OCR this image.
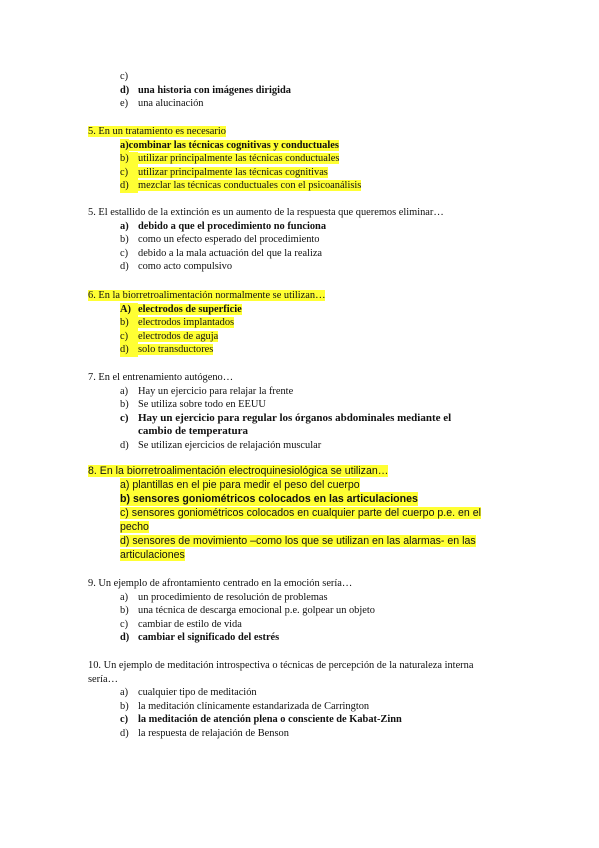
c)
d) una historia con imágenes dirigida
e) una alucinación
5. En un tratamiento es necesario
a) combinar las técnicas cognitivas y conductuales
b) utilizar principalmente las técnicas conductuales
c) utilizar principalmente las técnicas cognitivas
d) mezclar las técnicas conductuales con el psicoanálisis
5. El estallido de la extinción es un aumento de la respuesta que queremos eliminar…
a) debido a que el procedimiento no funciona
b) como un efecto esperado del procedimiento
c) debido a la mala actuación del que la realiza
d) como acto compulsivo
6. En la biorretroalimentación normalmente se utilizan…
A) electrodos de superficie
b) electrodos implantados
c) electrodos de aguja
d) solo transductores
7. En el entrenamiento autógeno…
a) Hay un ejercicio para relajar la frente
b) Se utiliza sobre todo en EEUU
c) Hay un ejercicio para regular los órganos abdominales mediante el cambio de temperatura
d) Se utilizan ejercicios de relajación muscular
8. En la biorretroalimentación electroquinesiológica se utilizan…
a) plantillas en el pie para medir el peso del cuerpo
b) sensores goniométricos colocados en las articulaciones
c) sensores goniométricos colocados en cualquier parte del cuerpo p.e. en el pecho
d) sensores de movimiento –como los que se utilizan en las alarmas- en las articulaciones
9. Un ejemplo de afrontamiento centrado en la emoción sería…
a) un procedimiento de resolución de problemas
b) una técnica de descarga emocional p.e. golpear un objeto
c) cambiar de estilo de vida
d) cambiar el significado del estrés
10. Un ejemplo de meditación introspectiva o técnicas de percepción de la naturaleza interna sería…
a) cualquier tipo de meditación
b) la meditación clínicamente estandarizada de Carrington
c) la meditación de atención plena o consciente de Kabat-Zinn
d) la respuesta de relajación de Benson
